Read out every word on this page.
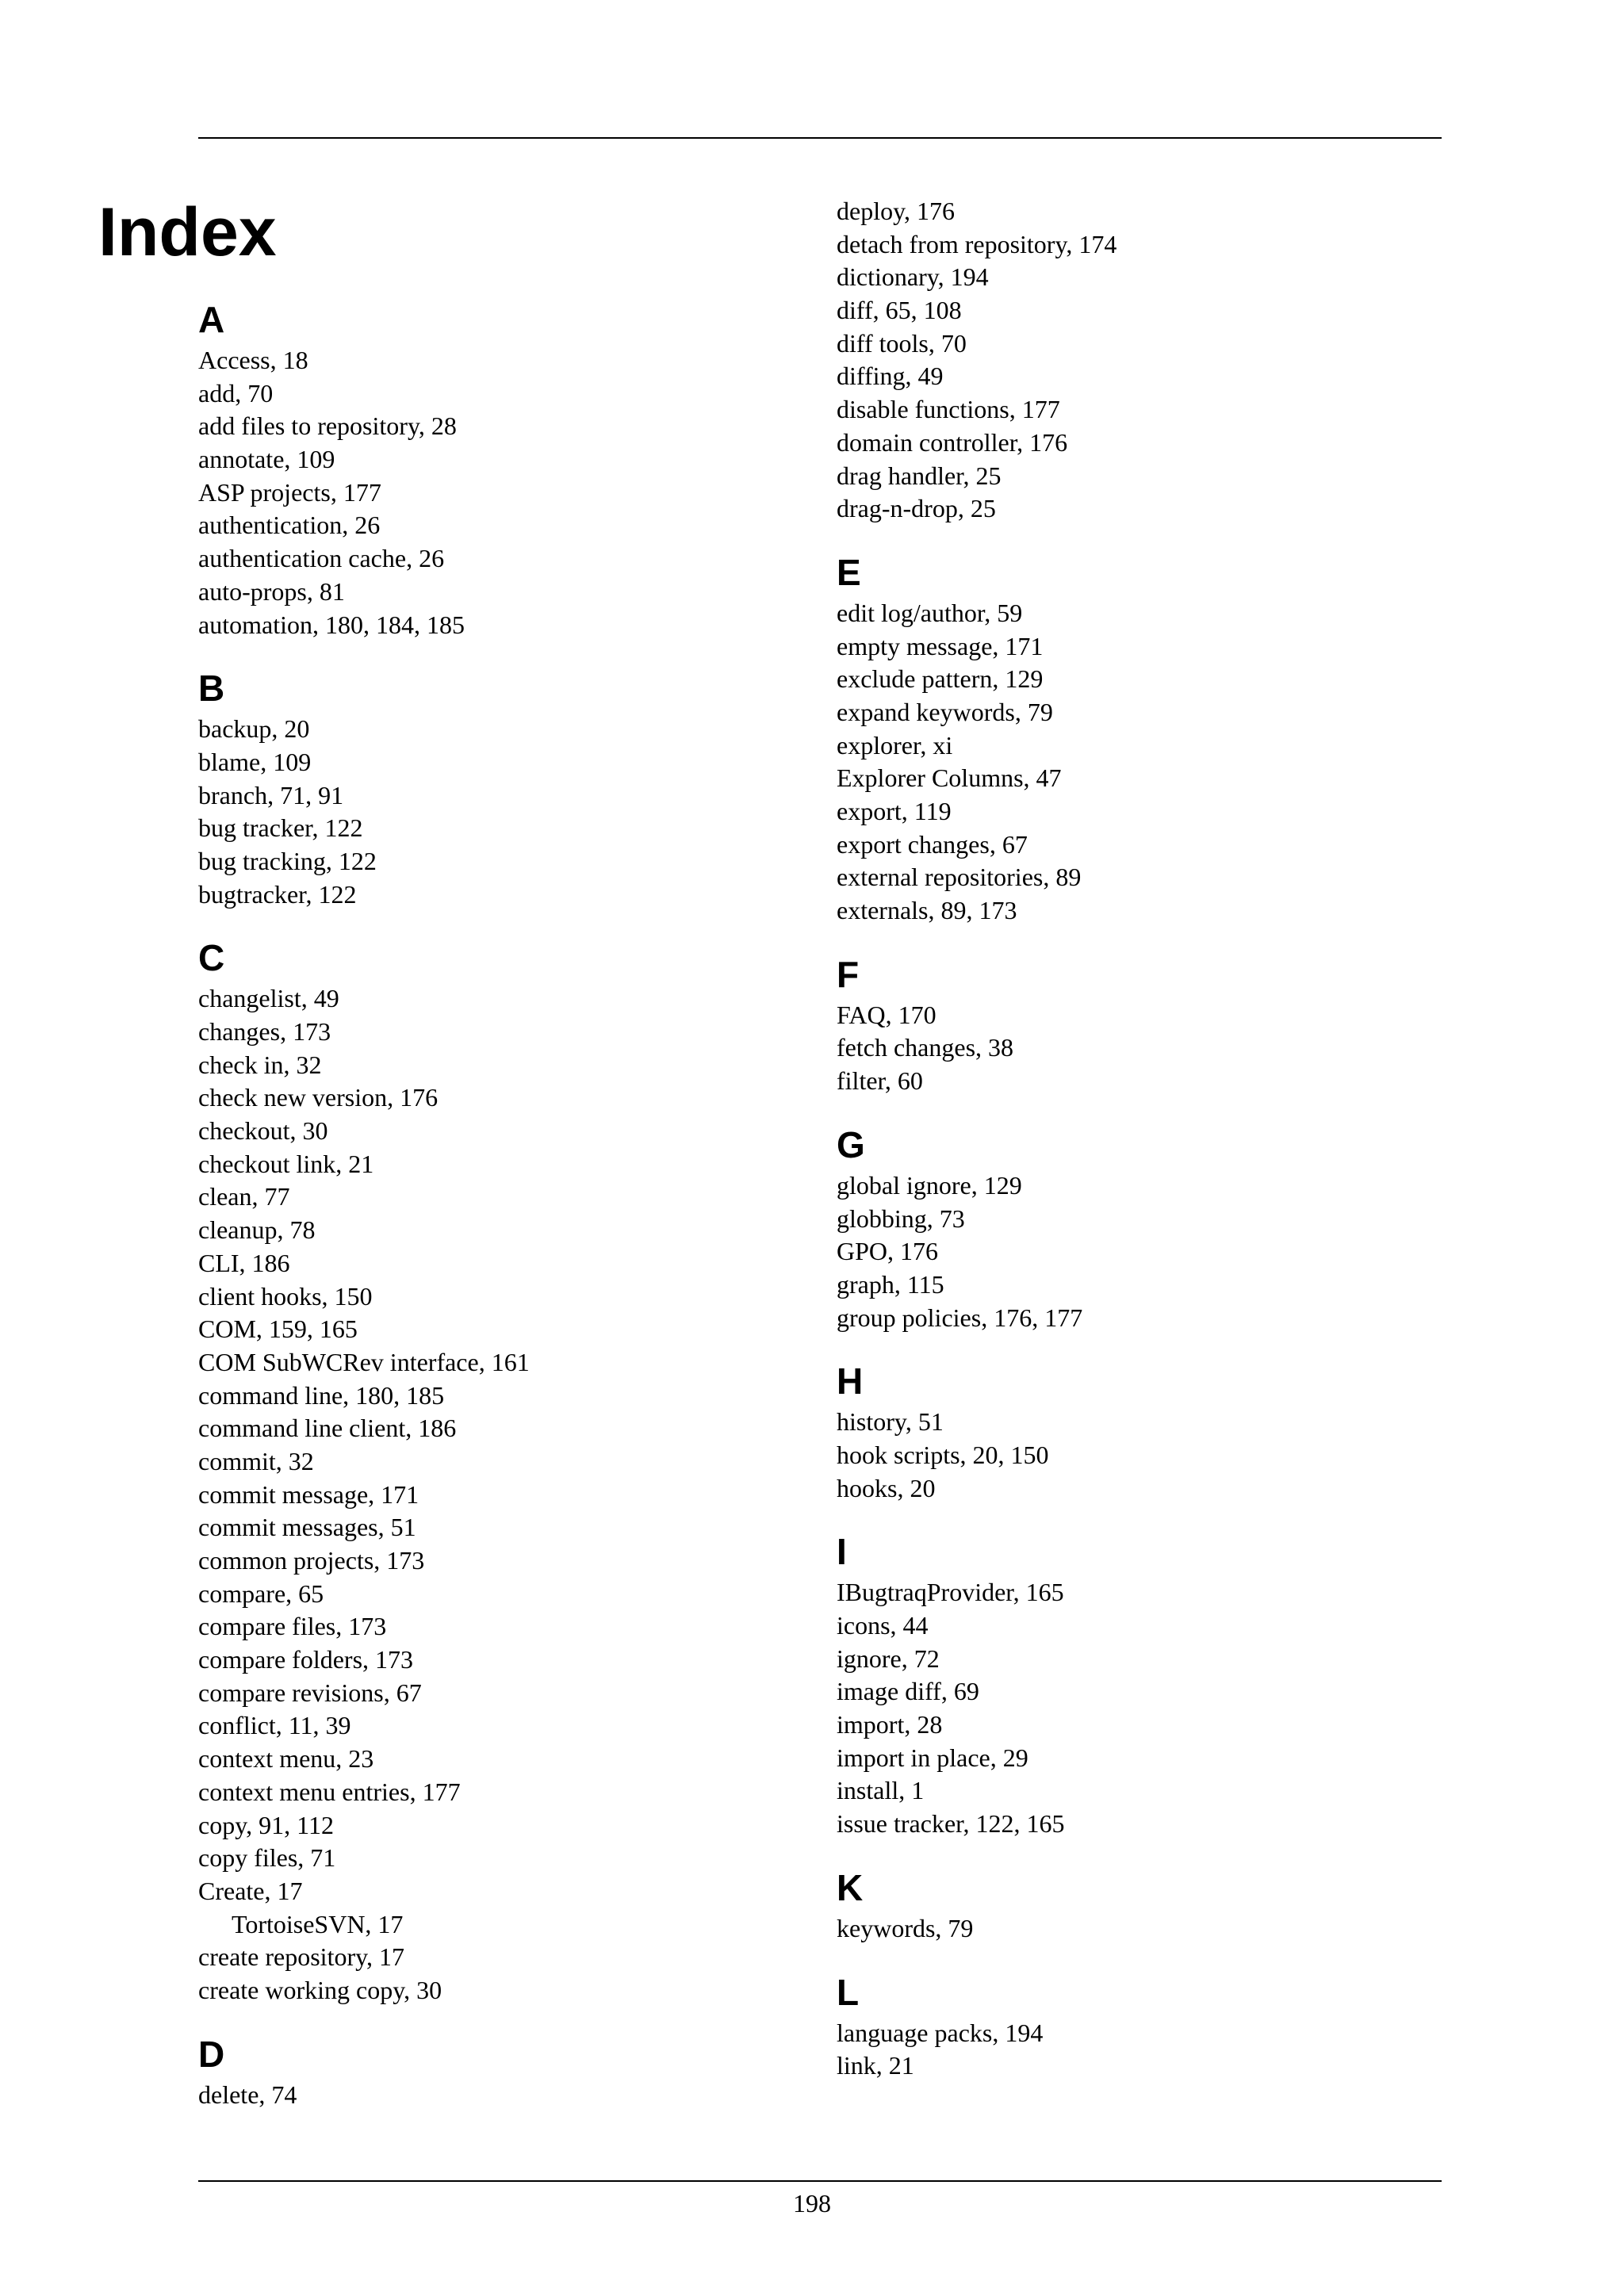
Index
A
Access, 18
add, 70
add files to repository, 28
annotate, 109
ASP projects, 177
authentication, 26
authentication cache, 26
auto-props, 81
automation, 180, 184, 185
B
backup, 20
blame, 109
branch, 71, 91
bug tracker, 122
bug tracking, 122
bugtracker, 122
C
changelist, 49
changes, 173
check in, 32
check new version, 176
checkout, 30
checkout link, 21
clean, 77
cleanup, 78
CLI, 186
client hooks, 150
COM, 159, 165
COM SubWCRev interface, 161
command line, 180, 185
command line client, 186
commit, 32
commit message, 171
commit messages, 51
common projects, 173
compare, 65
compare files, 173
compare folders, 173
compare revisions, 67
conflict, 11, 39
context menu, 23
context menu entries, 177
copy, 91, 112
copy files, 71
Create, 17
TortoiseSVN, 17
create repository, 17
create working copy, 30
D
delete, 74
deploy, 176
detach from repository, 174
dictionary, 194
diff, 65, 108
diff tools, 70
diffing, 49
disable functions, 177
domain controller, 176
drag handler, 25
drag-n-drop, 25
E
edit log/author, 59
empty message, 171
exclude pattern, 129
expand keywords, 79
explorer, xi
Explorer Columns, 47
export, 119
export changes, 67
external repositories, 89
externals, 89, 173
F
FAQ, 170
fetch changes, 38
filter, 60
G
global ignore, 129
globbing, 73
GPO, 176
graph, 115
group policies, 176, 177
H
history, 51
hook scripts, 20, 150
hooks, 20
I
IBugtraqProvider, 165
icons, 44
ignore, 72
image diff, 69
import, 28
import in place, 29
install, 1
issue tracker, 122, 165
K
keywords, 79
L
language packs, 194
link, 21
198
